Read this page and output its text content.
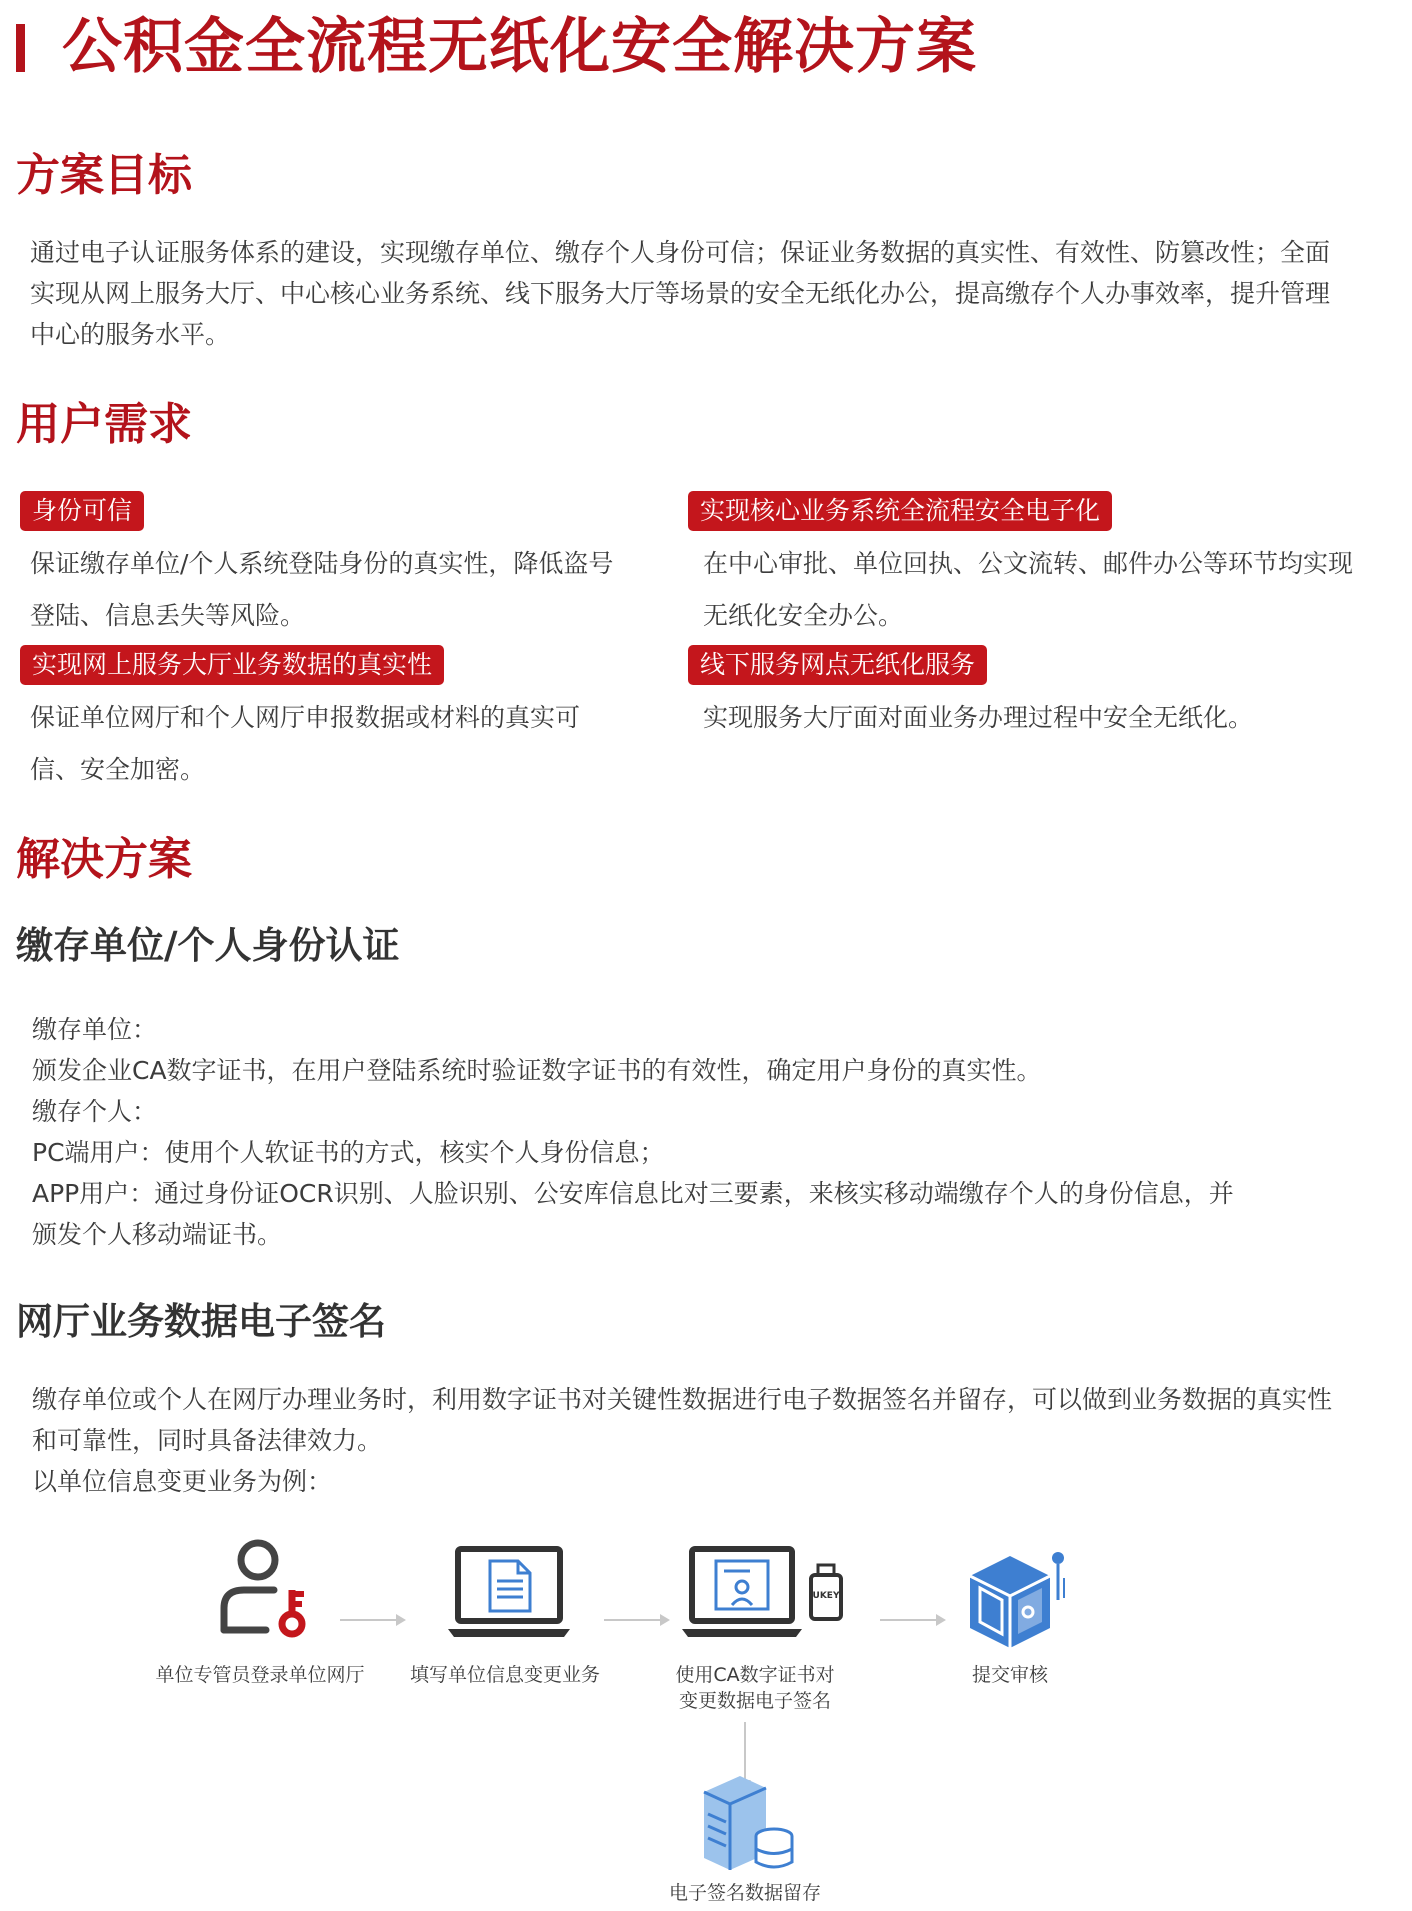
公积金全流程无纸化安全解决方案
方案目标
通过电子认证服务体系的建设，实现缴存单位、缴存个人身份可信；保证业务数据的真实性、有效性、防篡改性；全面
实现从网上服务大厅、中心核心业务系统、线下服务大厅等场景的安全无纸化办公，提高缴存个人办事效率，提升管理
中心的服务水平。
用户需求
身份可信
保证缴存单位/个人系统登陆身份的真实性，降低盗号
登陆、信息丢失等风险。
实现核心业务系统全流程安全电子化
在中心审批、单位回执、公文流转、邮件办公等环节均实现
无纸化安全办公。
实现网上服务大厅业务数据的真实性
保证单位网厅和个人网厅申报数据或材料的真实可
信、安全加密。
线下服务网点无纸化服务
实现服务大厅面对面业务办理过程中安全无纸化。
解决方案
缴存单位/个人身份认证
缴存单位：
颁发企业CA数字证书，在用户登陆系统时验证数字证书的有效性，确定用户身份的真实性。
缴存个人：
PC端用户：使用个人软证书的方式，核实个人身份信息；
APP用户：通过身份证OCR识别、人脸识别、公安库信息比对三要素，来核实移动端缴存个人的身份信息，并
颁发个人移动端证书。
网厅业务数据电子签名
缴存单位或个人在网厅办理业务时，利用数字证书对关键性数据进行电子数据签名并留存，可以做到业务数据的真实性
和可靠性，同时具备法律效力。
以单位信息变更业务为例：
UKEY
单位专管员登录单位网厅	填写单位信息变更业务	使用CA数字证书对
变更数据电子签名
提交审核
电子签名数据留存
